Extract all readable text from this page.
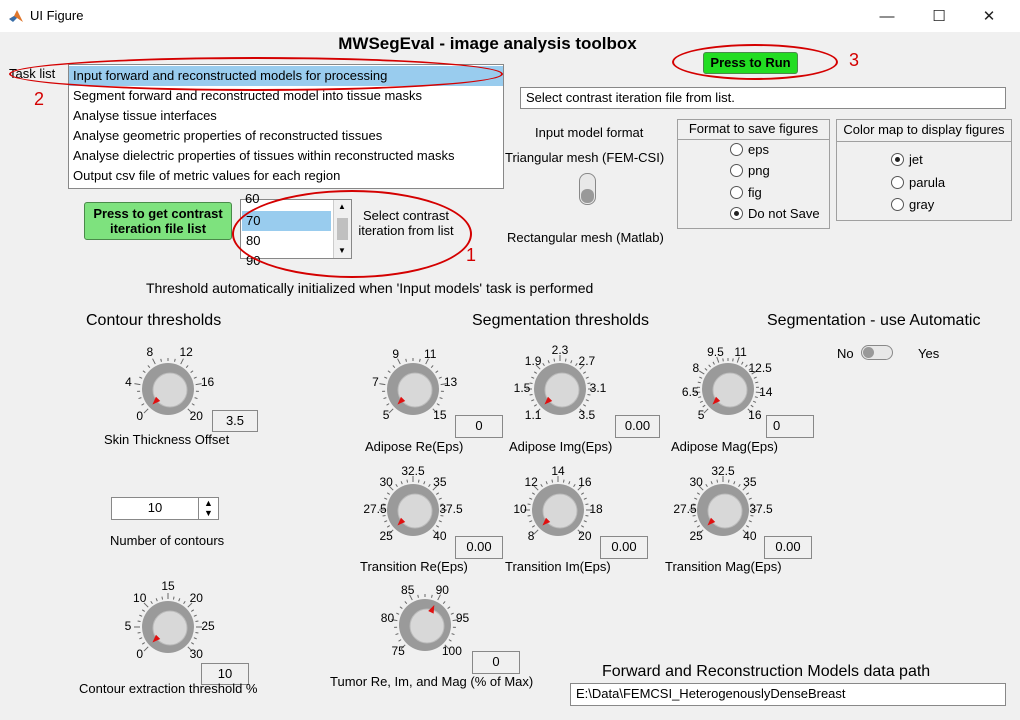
UI Figure	—	☐	✕
MWSegEval - image analysis toolbox
Task list	Input forward and reconstructed models for processing
Segment forward and reconstructed model into tissue masks
Analyse tissue interfaces
Analyse geometric properties of reconstructed tissues
Analyse dielectric properties of tissues within reconstructed masks
Output csv file of metric values for each region
Press to Run
Select contrast iteration file from list.
Press to get contrast iteration file list
60
70
80
90
▲
▼
Select contrast iteration from list
Input model format
Triangular mesh (FEM-CSI)
Rectangular mesh (Matlab)
Format to save figures
eps
png
fig
Do not Save
Color map to display figures
jet
parula
gray
Threshold automatically initialized when 'Input models' task is performed
Contour thresholds	Segmentation thresholds	Segmentation - use Automatic
No	Yes
0
4
8	12
16
20
0
5
10
15
20
25
30
5
7
9	11
13
15	1.1
1.5
1.9
2.3
2.7
3.1
3.5	5
6.5
8
9.5 11
12.5
14
16
25
27.5
30
32.5
35
37.5
40	8
10
12
14
16
18
20	25
27.5
30
32.5
35
37.5
40
75
80
85	90
95
100
3.5
Skin Thickness Offset
10	▲
▼
Number of contours
10
Contour extraction threshold %
0
Adipose Re(Eps)
0.00
Adipose Img(Eps)
0
Adipose Mag(Eps)
0.00
Transition Re(Eps)
0.00
Transition Im(Eps)
0.00
Transition Mag(Eps)
0
Tumor Re, Im, and Mag (% of Max)
Forward and Reconstruction Models data path
E:\Data\FEMCSI_HeterogenouslyDenseBreast
1
2
3
